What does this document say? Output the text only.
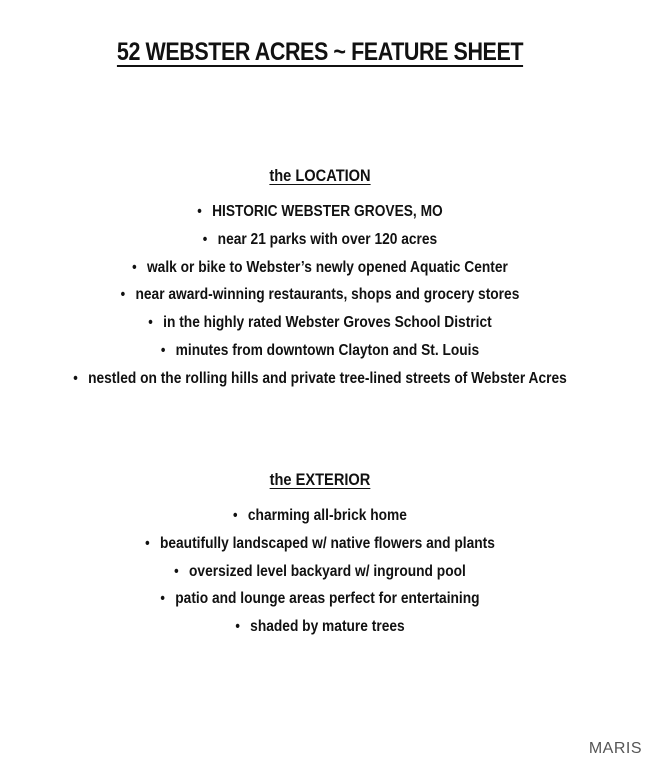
52 WEBSTER ACRES ~ FEATURE SHEET
the LOCATION
• HISTORIC WEBSTER GROVES, MO
• near 21 parks with over 120 acres
• walk or bike to Webster’s newly opened Aquatic Center
• near award-winning restaurants, shops and grocery stores
• in the highly rated Webster Groves School District
• minutes from downtown Clayton and St. Louis
• nestled on the rolling hills and private tree-lined streets of Webster Acres
the EXTERIOR
• charming all-brick home
• beautifully landscaped w/ native flowers and plants
• oversized level backyard w/ inground pool
• patio and lounge areas perfect for entertaining
• shaded by mature trees
MARIS
